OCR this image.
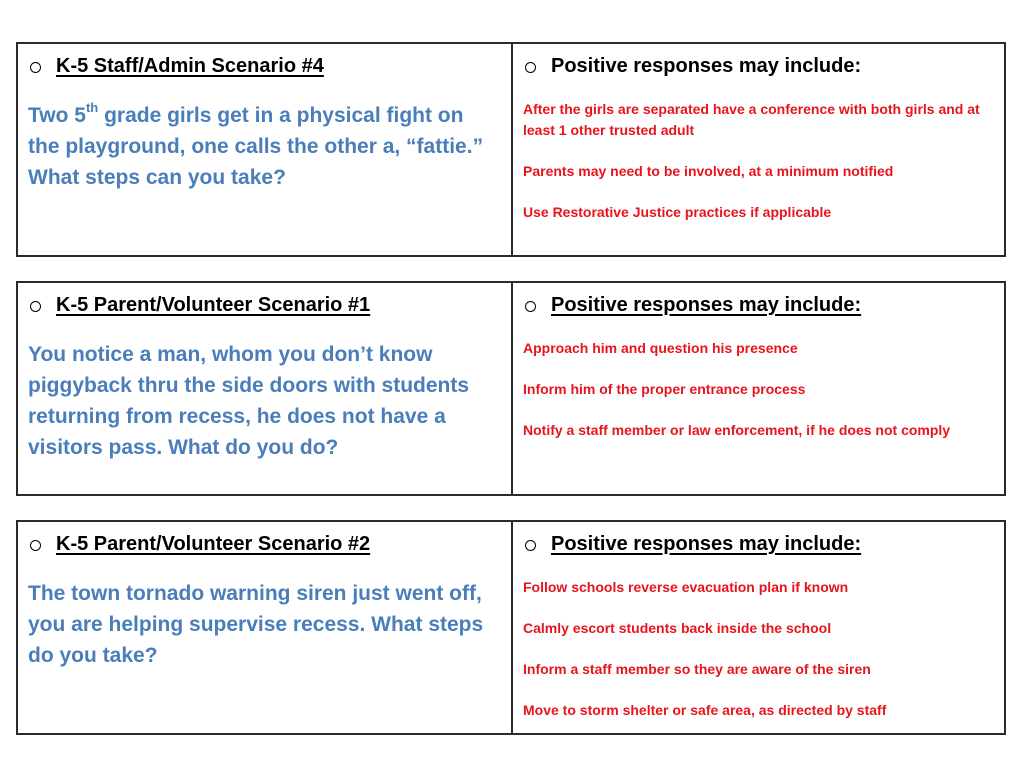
K-5 Staff/Admin Scenario #4
Two 5th grade girls get in a physical fight on the playground, one calls the other a, “fattie.” What steps can you take?
Positive responses may include:
After the girls are separated have a conference with both girls and at least 1 other trusted adult
Parents may need to be involved, at a minimum notified
Use Restorative Justice practices if applicable
K-5 Parent/Volunteer Scenario #1
You notice a man, whom you don’t know piggyback thru the side doors with students returning from recess, he does not have a visitors pass. What do you do?
Positive responses may include:
Approach him and question his presence
Inform him of the proper entrance process
Notify a staff member or law enforcement, if he does not comply
K-5 Parent/Volunteer Scenario #2
The town tornado warning siren just went off, you are helping supervise recess. What steps do you take?
Positive responses may include:
Follow schools reverse evacuation plan if known
Calmly escort students back inside the school
Inform a staff member so they are aware of the siren
Move to storm shelter or safe area, as directed by staff
